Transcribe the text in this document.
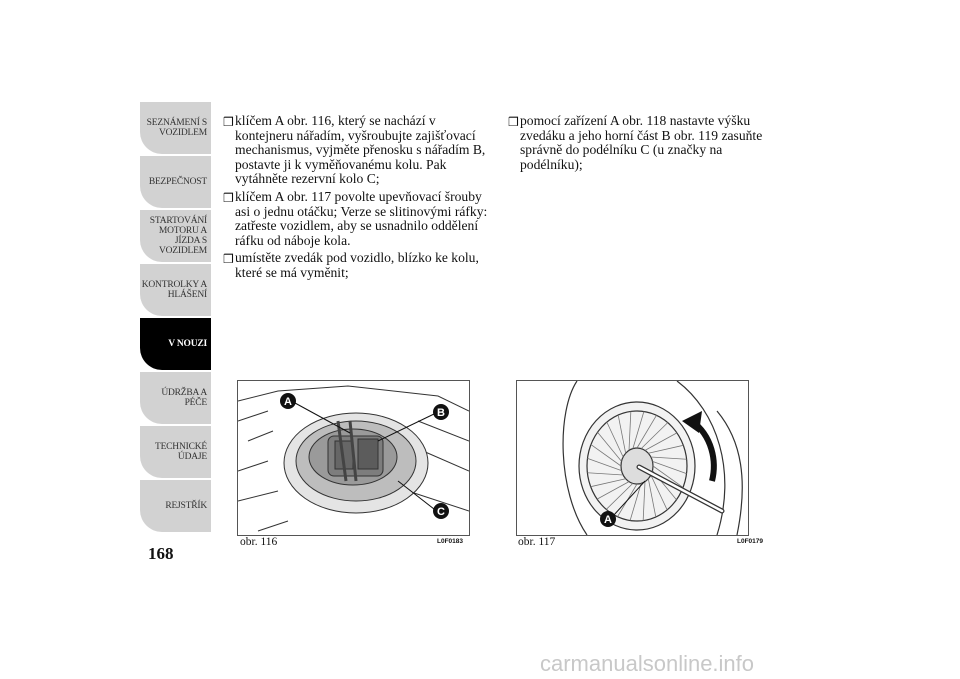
SEZNÁMENÍ S VOZIDLEM
BEZPEČNOST
STARTOVÁNÍ MOTORU A JÍZDA S VOZIDLEM
KONTROLKY A HLÁŠENÍ
V NOUZI
ÚDRŽBA A PÉČE
TECHNICKÉ ÚDAJE
REJSTŘÍK
168
❒ klíčem A obr. 116, který se nachází v kontejneru nářadím, vyšroubujte zajišťovací mechanismus, vyjměte přenosku s nářadím B, postavte ji k vyměňovanému kolu. Pak vytáhněte rezervní kolo C;
❒ klíčem A obr. 117 povolte upevňovací šrouby asi o jednu otáčku; Verze se slitinovými ráfky: zatřeste vozidlem, aby se usnadnilo oddělení ráfku od náboje kola.
❒ umístěte zvedák pod vozidlo, blízko ke kolu, které se má vyměnit;
❒ pomocí zařízení A obr. 118 nastavte výšku zvedáku a jeho horní část B obr. 119 zasuňte správně do podélníku C (u značky na podélníku);
A
B
C
obr. 116	L0F0183
A
obr. 117	L0F0179
carmanualsonline.info
